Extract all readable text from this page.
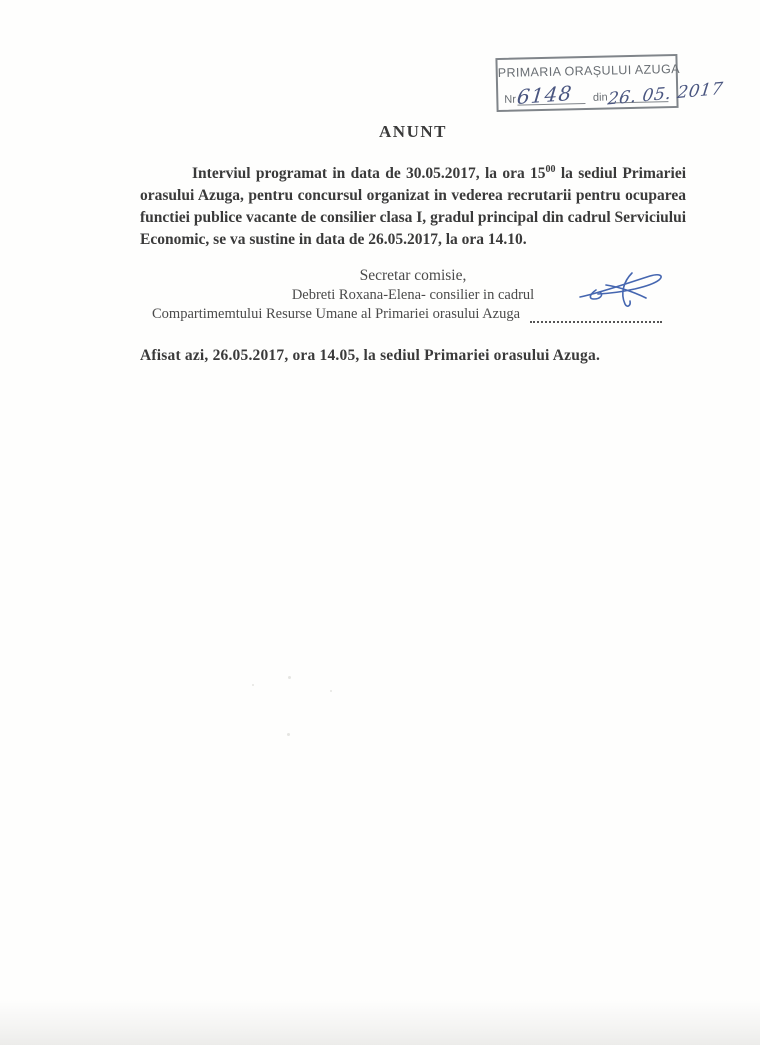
PRIMARIA ORAȘULUI AZUGA
Nr 6148	din 26. 05. 2017
ANUNT

Interviul programat in data de 30.05.2017, la ora $15^{00}$ la sediul Primariei orasului Azuga, pentru concursul organizat in vederea recrutarii pentru ocuparea functiei publice vacante de consilier clasa I, gradul principal din cadrul Serviciului Economic, se va sustine in data de 26.05.2017, la ora 14.10.

Secretar comisie,

Debreti Roxana-Elena- consilier in cadrul

Compartimemtului Resurse Umane al Primariei orasului Azuga

Afisat azi, 26.05.2017, ora 14.05, la sediul Primariei orasului Azuga.
